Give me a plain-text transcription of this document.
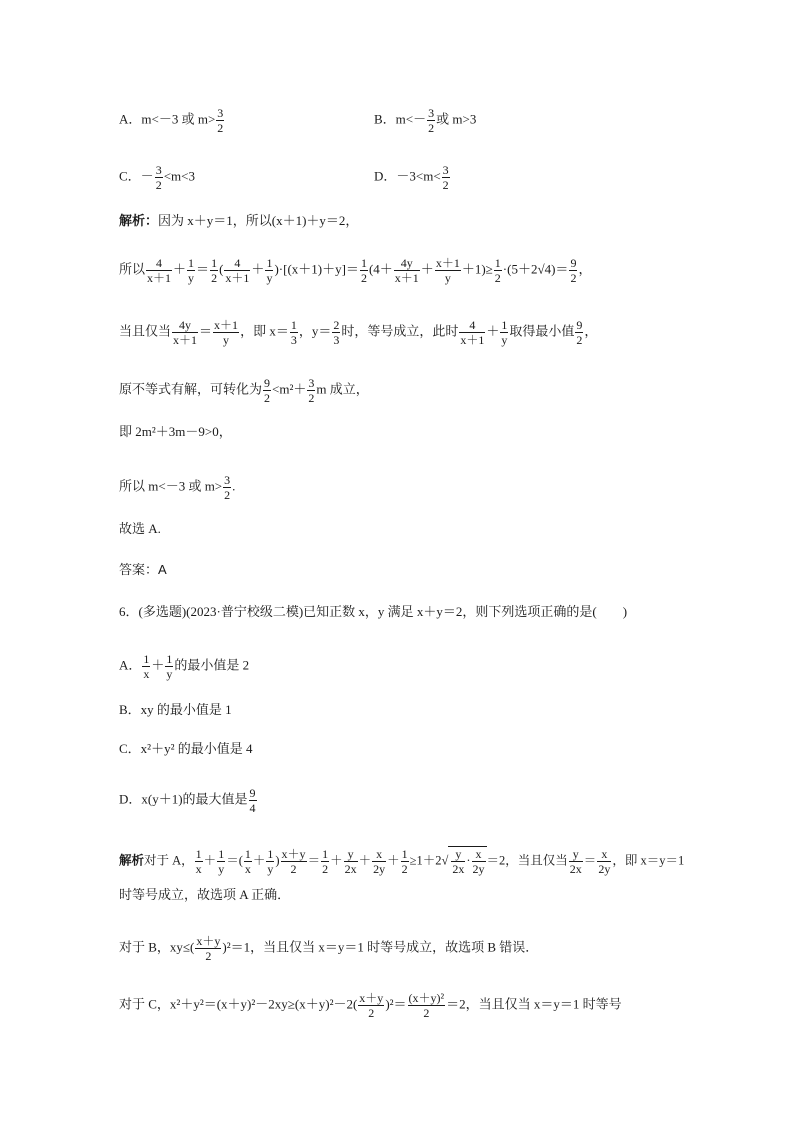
A．m<－3 或 $m> \frac{3}{2}$	B．$m<- \frac{3}{2}$ 或 m>3
C．－ $\frac{3}{2} <m<3$	D．$-3<m< \frac{3}{2}$
解析：因为 x＋y＝1，所以(x＋1)＋y＝2，
所以 $\frac{4}{x+1} + \frac{1}{y} = \frac{1}{2}$ ( $\frac{4}{x+1} + \frac{1}{y} )\cdot[(x+1)+y]= \frac{1}{2} (4+ \frac{4y}{x+1} + \frac{x+1}{y} +1)\ge \frac{1}{2} \cdot(5+2√4)= \frac{9}{2}$ ，
当且仅当 $\frac{4y}{x+1} = \frac{x+1}{y}$ ，即 $x= \frac{1}{3}$ ，$y= \frac{2}{3}$ 时，等号成立，此时 $\frac{4}{x+1} + \frac{1}{y}$ 取得最小值 $\frac{9}{2}$ ，
原不等式有解，可转化为 $\frac{9}{2} <m^2+ \frac{3}{2}$ m 成立，
即 2m²＋3m－9>0，
所以 m<－3 或 $m> \frac{3}{2}$ .
故选 A.
答案：A
6．(多选题)(2023·普宁校级二模)已知正数 x，y 满足 x＋y＝2，则下列选项正确的是(　　)
A． $\frac{1}{x} + \frac{1}{y}$ 的最小值是 2
B．xy 的最小值是 1
C．x²＋y² 的最小值是 4
D．x(y＋1)的最大值是 $\frac{9}{4}$
解析对于 A， $\frac{1}{x} + \frac{1}{y}$ ＝( $\frac{1}{x} + \frac{1}{y}$ ) $\frac{x+y}{2} = \frac{1}{2} + \frac{y}{2x} + \frac{x}{2y} + \frac{1}{2} \ge 1+2√ \frac{y}{2x} \cdot \frac{x}{2y} =2$，当且仅当 $\frac{y}{2x} = \frac{x}{2y}$ ，即 x＝y＝1
时等号成立，故选项 A 正确．
对于 B，$xy\le( \frac{x+y}{2} )^2=1$，当且仅当 x＝y＝1 时等号成立，故选项 B 错误．
对于 C，$x^2+y^2=(x+y)^2-2xy\ge(x+y)^2-2( \frac{x+y}{2} )^2= \frac{\text{(x＋y)²}}{2} =2$，当且仅当 x＝y＝1 时等号
